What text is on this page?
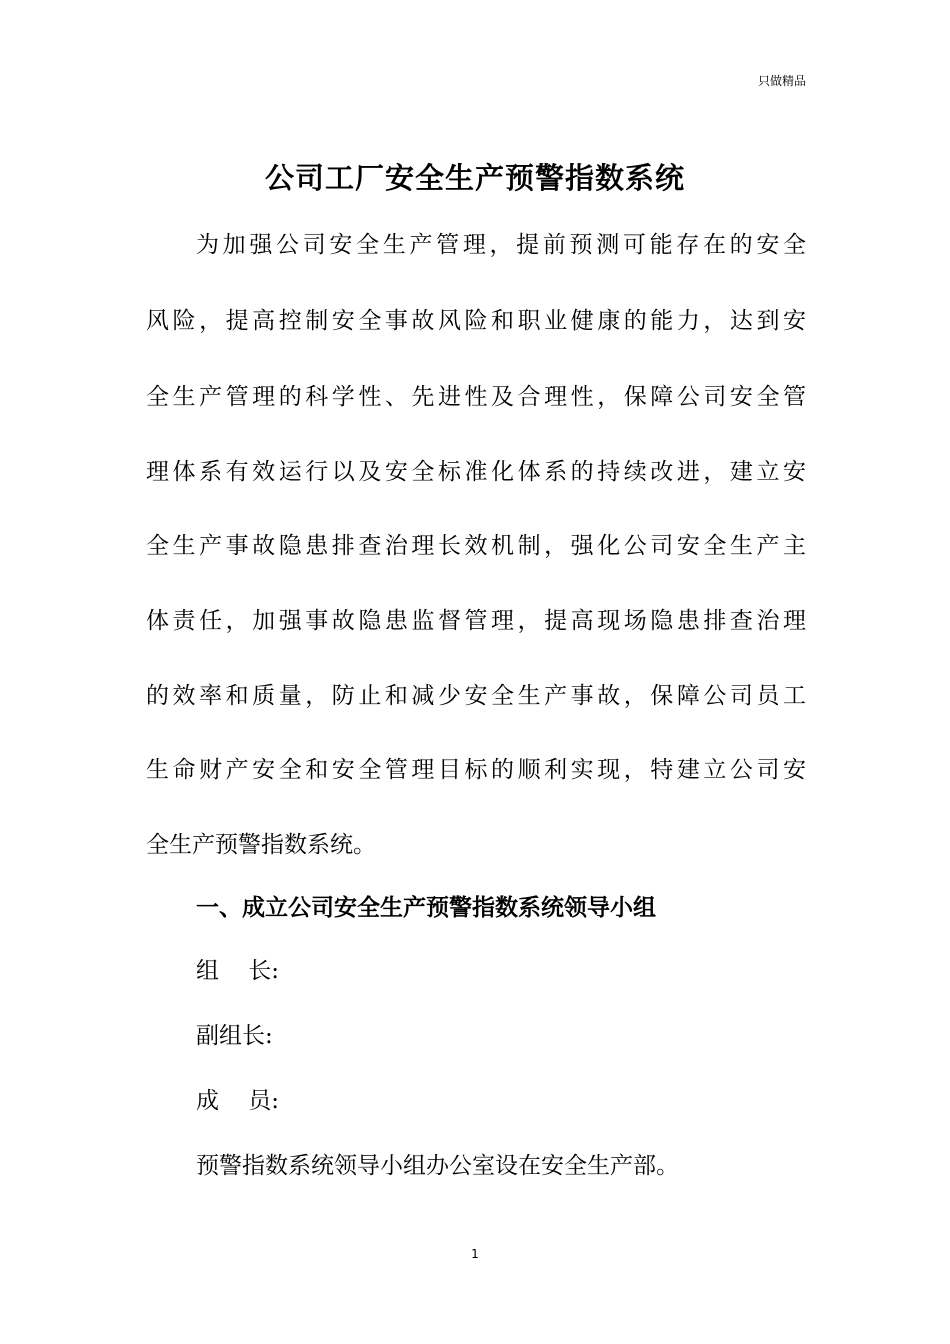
只做精品
公司工厂安全生产预警指数系统
为加强公司安全生产管理，提前预测可能存在的安全
风险，提高控制安全事故风险和职业健康的能力，达到安
全生产管理的科学性、先进性及合理性，保障公司安全管
理体系有效运行以及安全标准化体系的持续改进，建立安
全生产事故隐患排查治理长效机制，强化公司安全生产主
体责任，加强事故隐患监督管理，提高现场隐患排查治理
的效率和质量，防止和减少安全生产事故，保障公司员工
生命财产安全和安全管理目标的顺利实现，特建立公司安
全生产预警指数系统。
一、成立公司安全生产预警指数系统领导小组
组    长:
副组长:
成    员:
预警指数系统领导小组办公室设在安全生产部。
1
